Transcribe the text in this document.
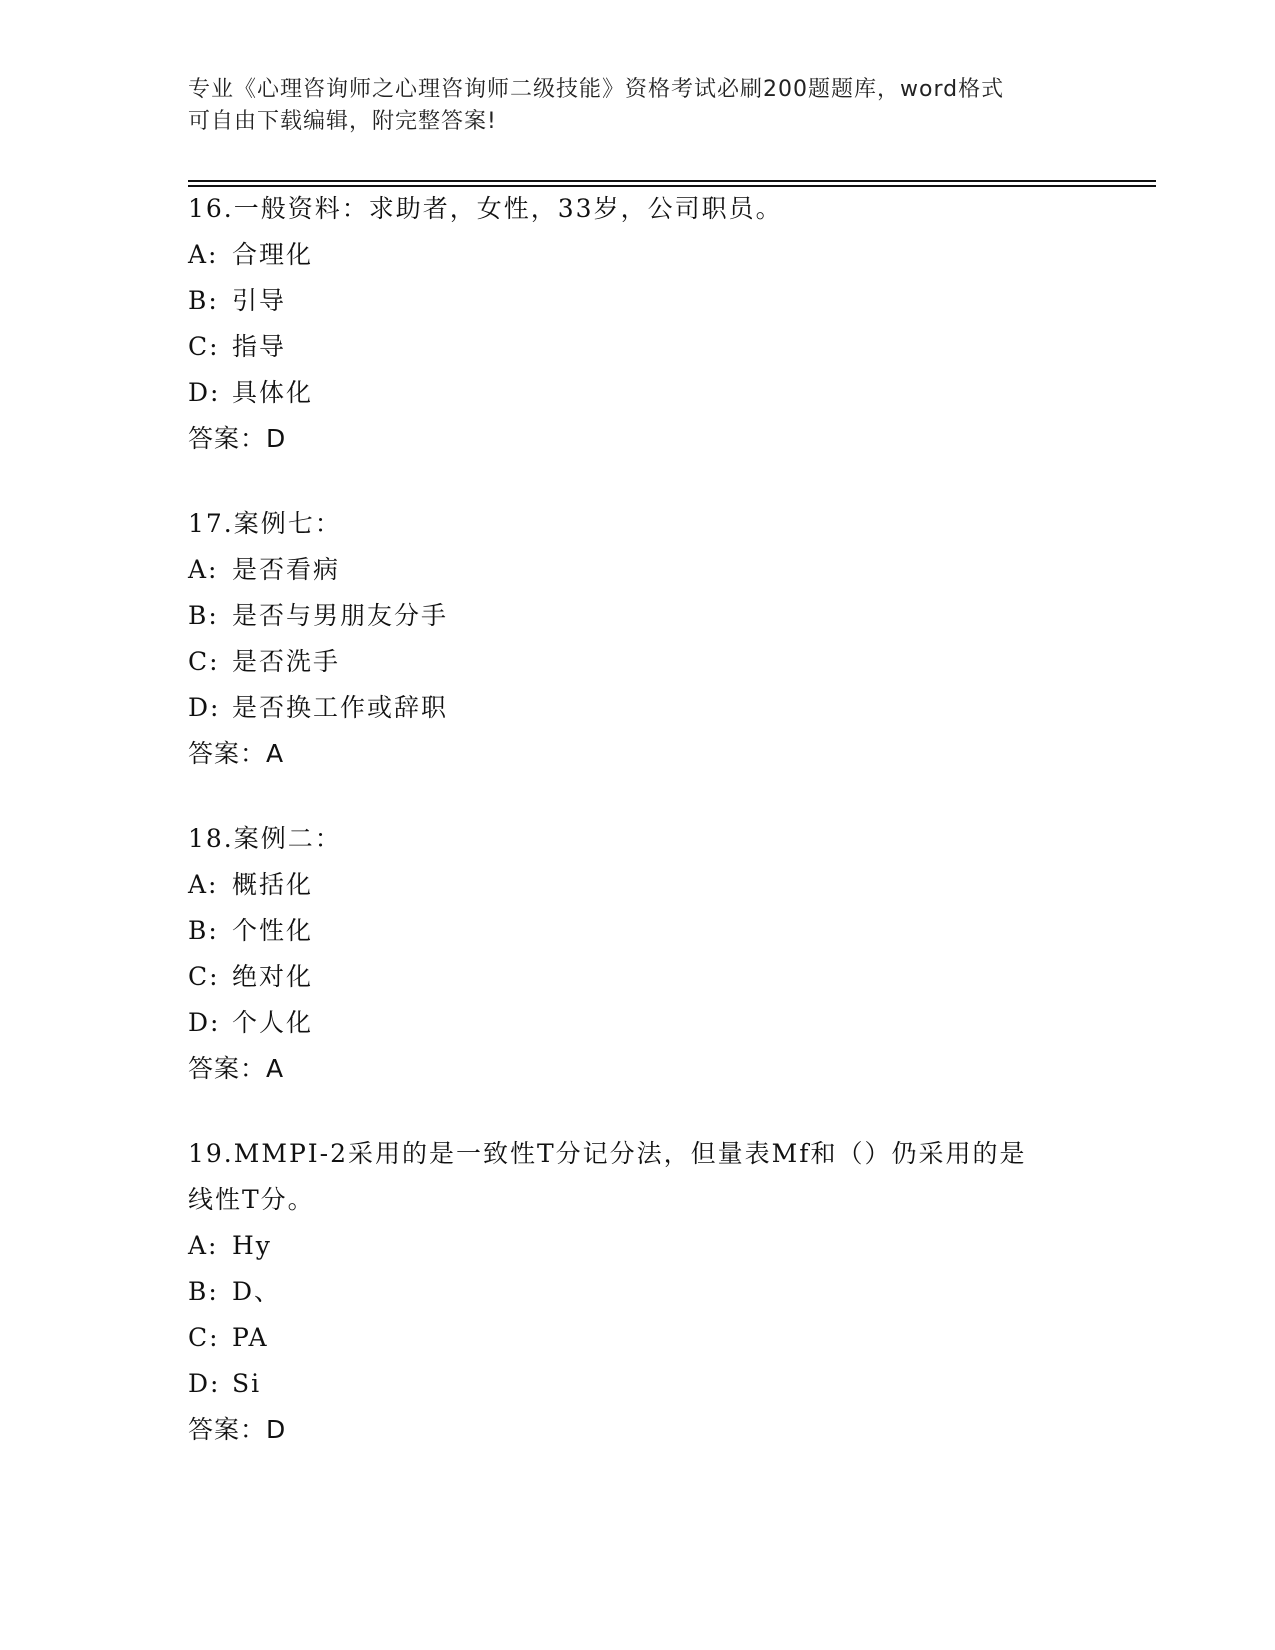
专业《心理咨询师之心理咨询师二级技能》资格考试必刷200题题库，word格式
可自由下载编辑，附完整答案!

16.一般资料：求助者，女性，33岁，公司职员。

A: 合理化

B: 引导

C: 指导

D: 具体化

答案：D

17.案例七：

A: 是否看病

B: 是否与男朋友分手

C: 是否洗手

D: 是否换工作或辞职

答案：A

18.案例二：

A: 概括化

B: 个性化

C: 绝对化

D: 个人化

答案：A

19.MMPI-2采用的是一致性T分记分法，但量表Mf和（）仍采用的是

线性T分。

A: Hy

B: D、

C: PA

D: Si

答案：D
